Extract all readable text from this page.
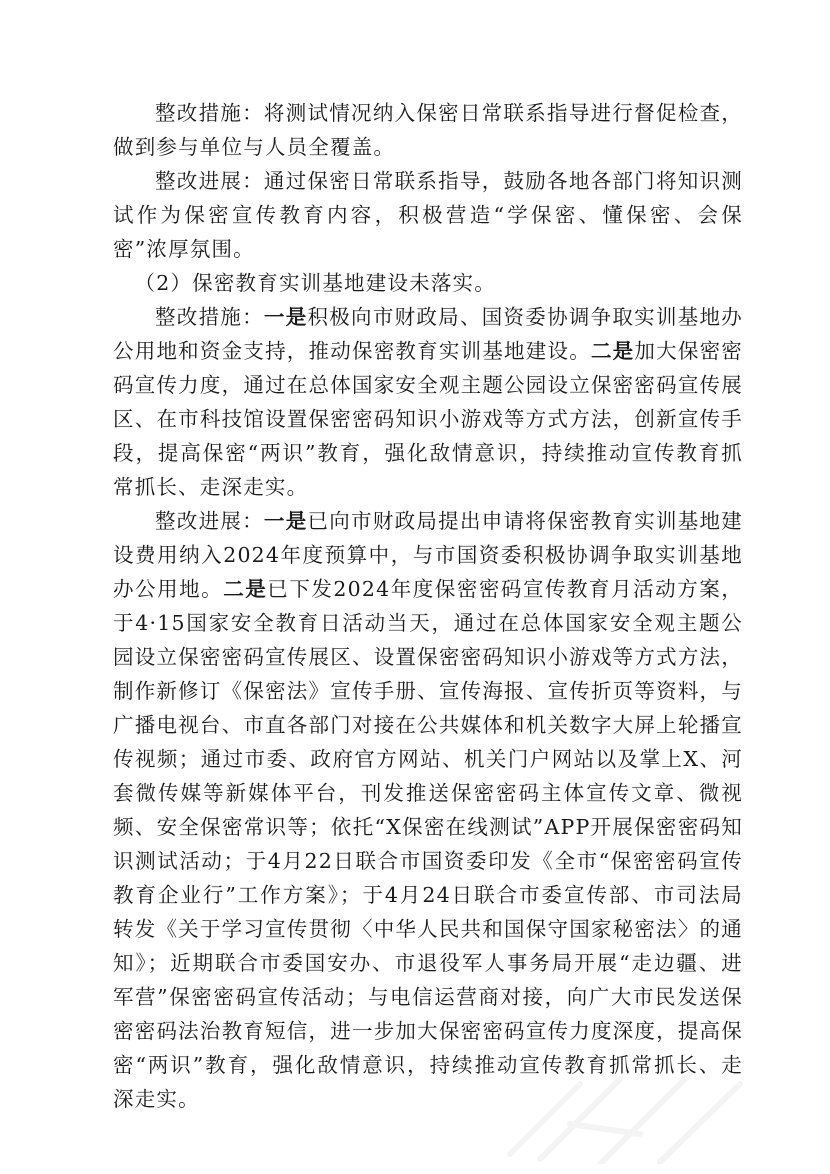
整改措施：将测试情况纳入保密日常联系指导进行督促检查，做到参与单位与人员全覆盖。

整改进展：通过保密日常联系指导，鼓励各地各部门将知识测试作为保密宣传教育内容，积极营造“学保密、懂保密、会保密”浓厚氛围。

（2）保密教育实训基地建设未落实。

整改措施：一是积极向市财政局、国资委协调争取实训基地办公用地和资金支持，推动保密教育实训基地建设。二是加大保密密码宣传力度，通过在总体国家安全观主题公园设立保密密码宣传展区、在市科技馆设置保密密码知识小游戏等方式方法，创新宣传手段，提高保密“两识”教育，强化敌情意识，持续推动宣传教育抓常抓长、走深走实。

整改进展：一是已向市财政局提出申请将保密教育实训基地建设费用纳入2024年度预算中，与市国资委积极协调争取实训基地办公用地。二是已下发2024年度保密密码宣传教育月活动方案，于4·15国家安全教育日活动当天，通过在总体国家安全观主题公园设立保密密码宣传展区、设置保密密码知识小游戏等方式方法，制作新修订《保密法》宣传手册、宣传海报、宣传折页等资料，与广播电视台、市直各部门对接在公共媒体和机关数字大屏上轮播宣传视频；通过市委、政府官方网站、机关门户网站以及掌上X、河套微传媒等新媒体平台，刊发推送保密密码主体宣传文章、微视频、安全保密常识等；依托“X保密在线测试”APP开展保密密码知识测试活动；于4月22日联合市国资委印发《全市“保密密码宣传教育企业行”工作方案》；于4月24日联合市委宣传部、市司法局转发《关于学习宣传贯彻〈中华人民共和国保守国家秘密法〉的通知》；近期联合市委国安办、市退役军人事务局开展“走边疆、进军营”保密密码宣传活动；与电信运营商对接，向广大市民发送保密密码法治教育短信，进一步加大保密密码宣传力度深度，提高保密“两识”教育，强化敌情意识，持续推动宣传教育抓常抓长、走深走实。
